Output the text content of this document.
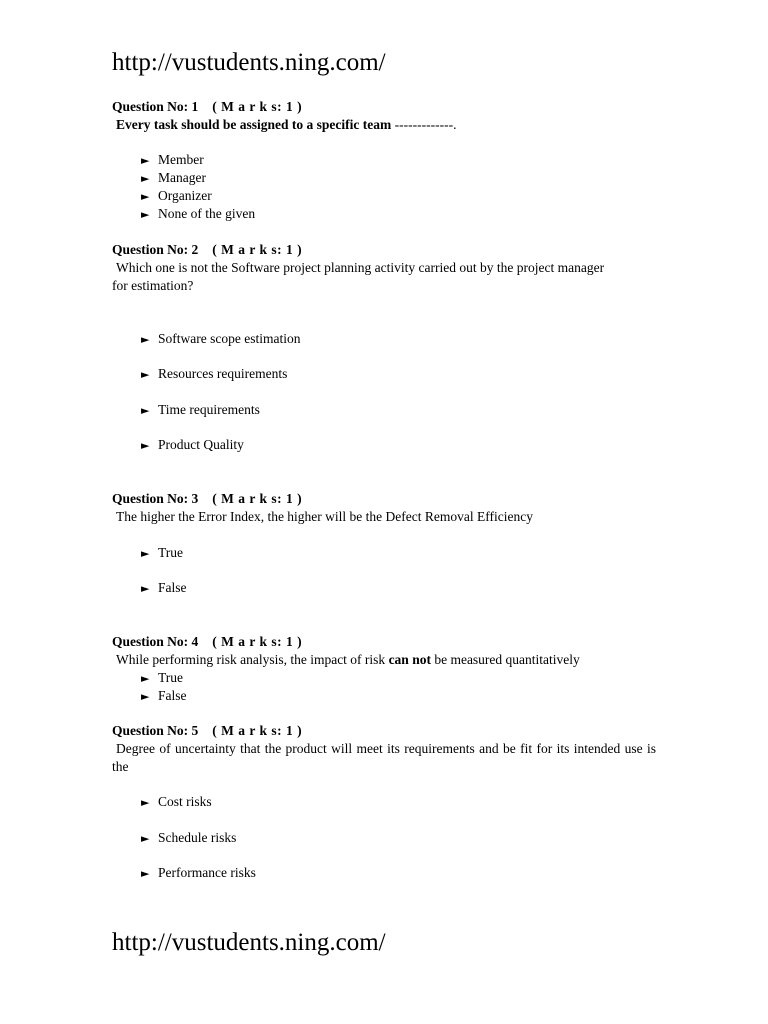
http://vustudents.ning.com/
Question No: 1 ( M a r k s: 1 )
Every task should be assigned to a specific team -------------.
► Member
► Manager
► Organizer
► None of the given
Question No: 2 ( M a r k s: 1 )
Which one is not the Software project planning activity carried out by the project manager for estimation?
► Software scope estimation
► Resources requirements
► Time requirements
► Product Quality
Question No: 3 ( M a r k s: 1 )
The higher the Error Index, the higher will be the Defect Removal Efficiency
► True
► False
Question No: 4 ( M a r k s: 1 )
While performing risk analysis, the impact of risk can not be measured quantitatively
► True
► False
Question No: 5 ( M a r k s: 1 )
Degree of uncertainty that the product will meet its requirements and be fit for its intended use is the
► Cost risks
► Schedule risks
► Performance risks
http://vustudents.ning.com/
